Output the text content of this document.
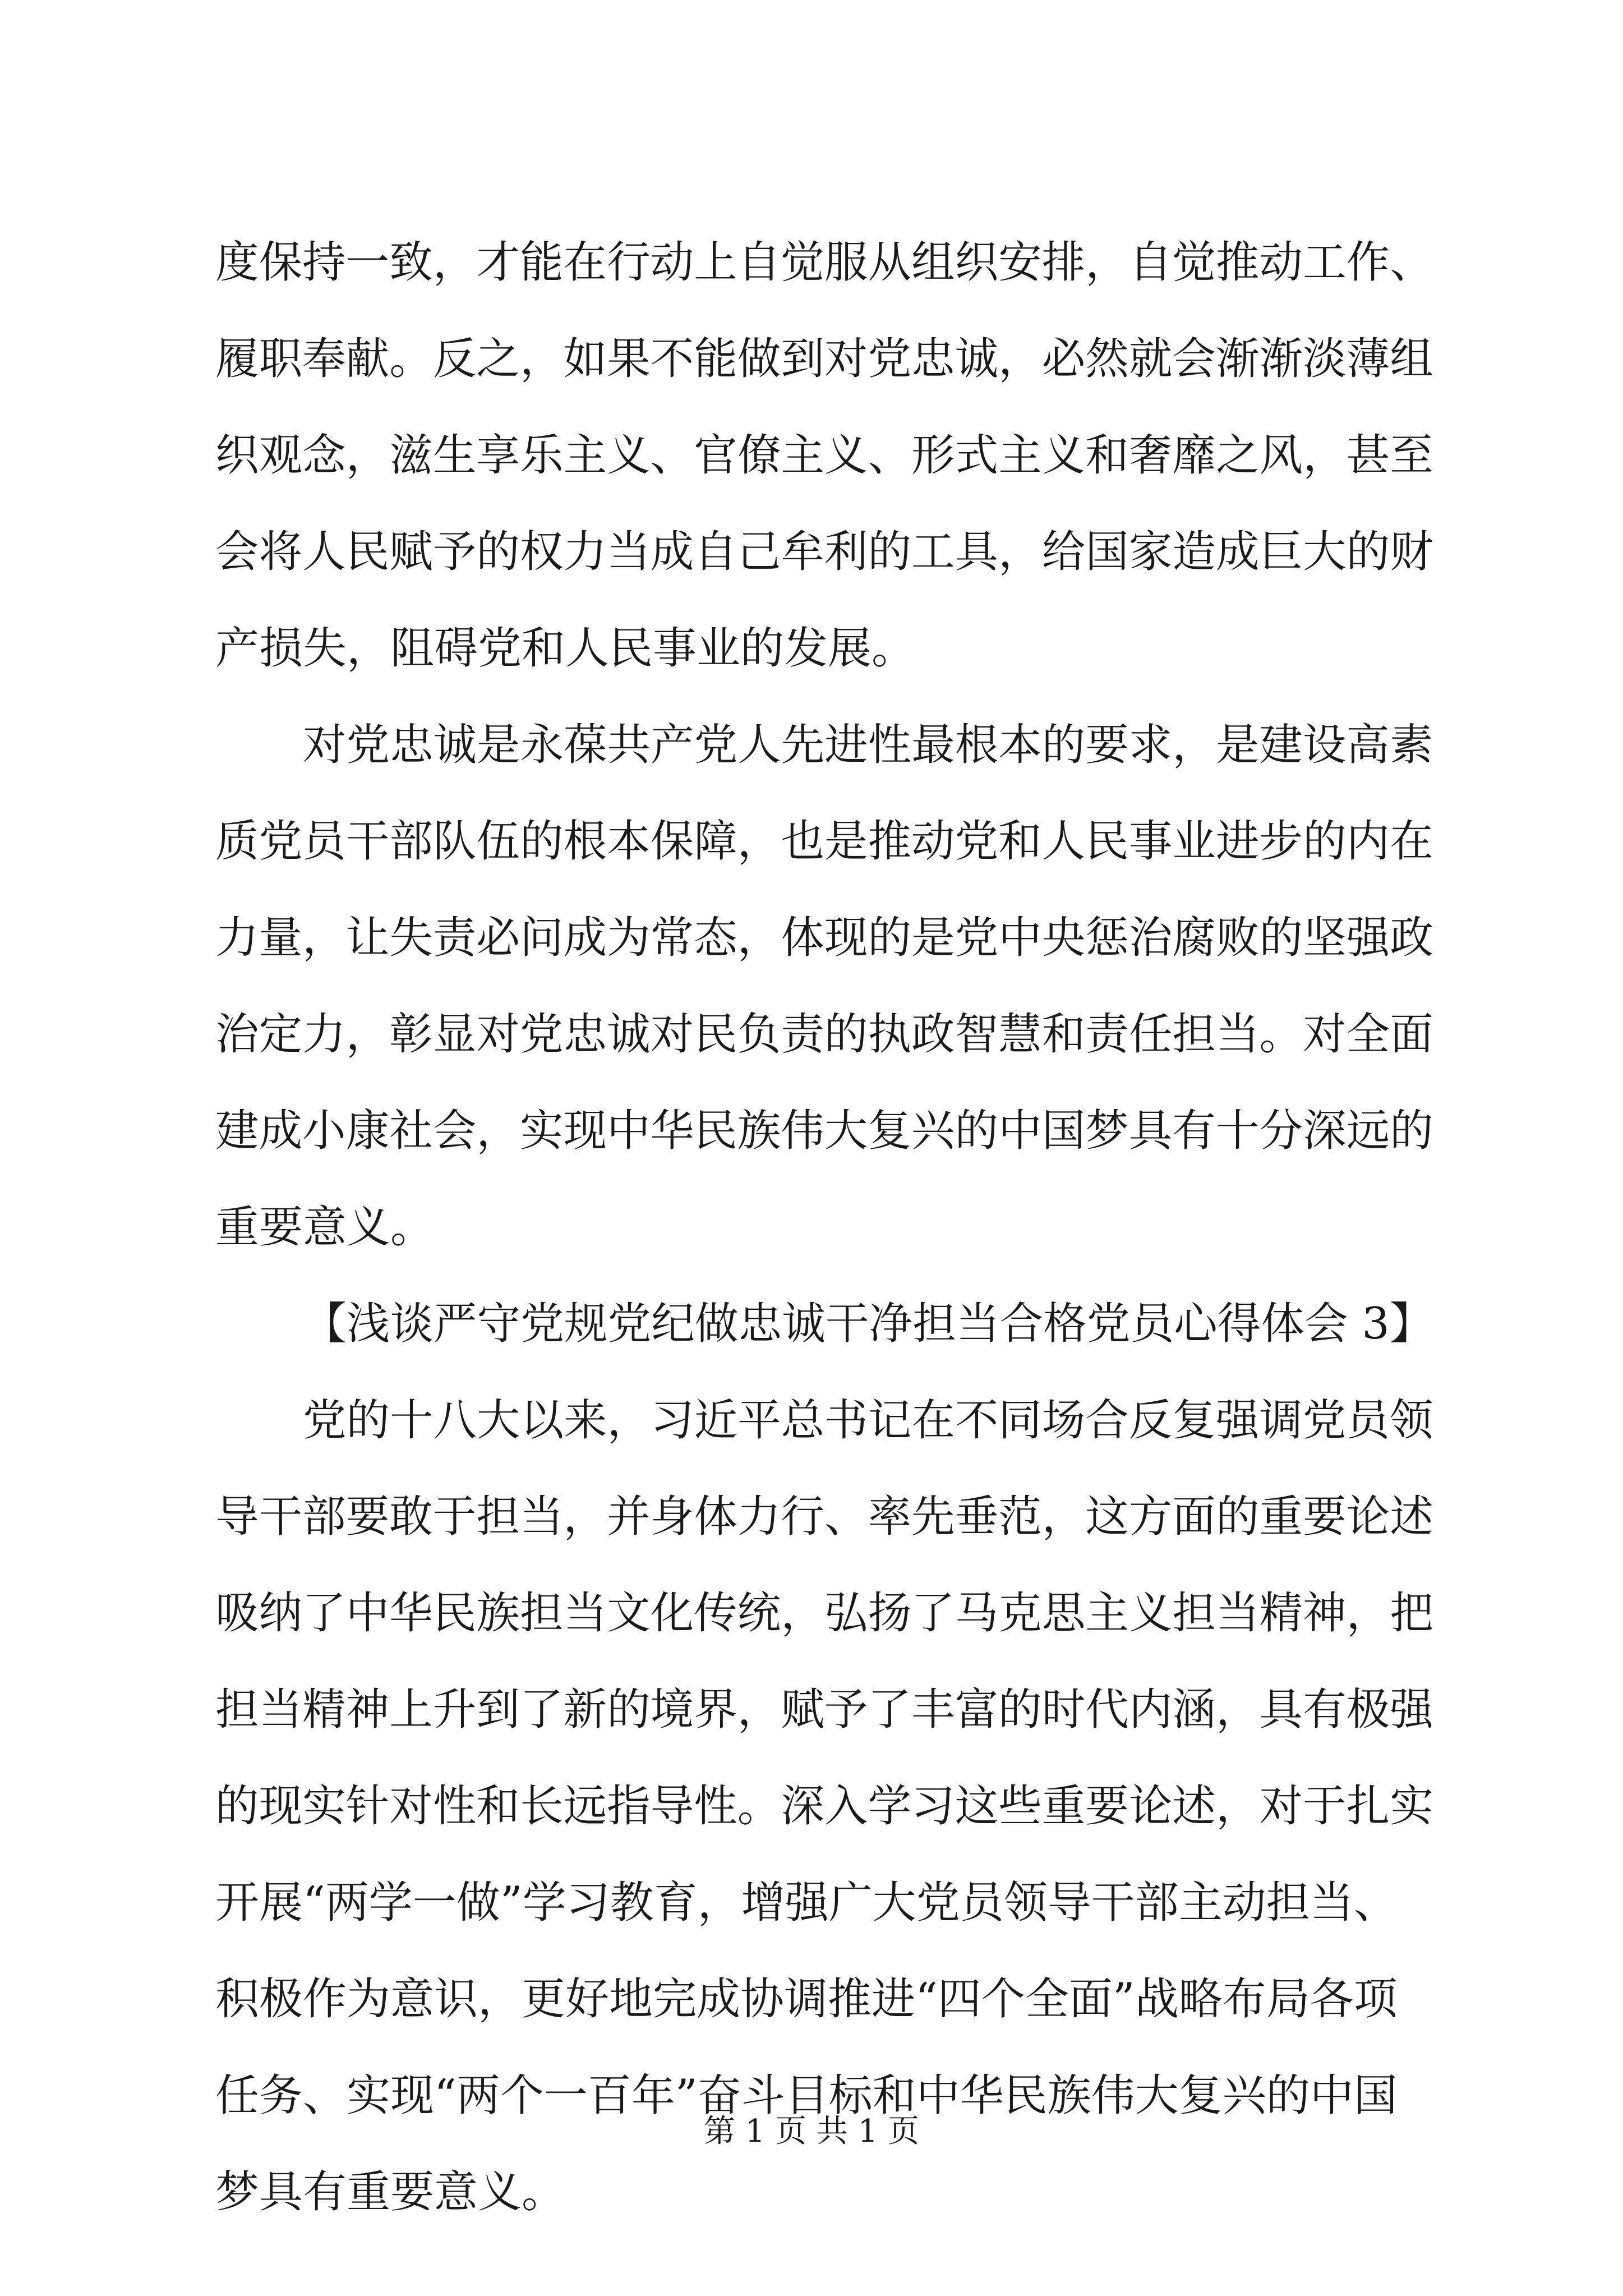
度保持一致，才能在行动上自觉服从组织安排，自觉推动工作、
履职奉献。反之，如果不能做到对党忠诚，必然就会渐渐淡薄组
织观念，滋生享乐主义、官僚主义、形式主义和奢靡之风，甚至
会将人民赋予的权力当成自己牟利的工具，给国家造成巨大的财
产损失，阻碍党和人民事业的发展。
对党忠诚是永葆共产党人先进性最根本的要求，是建设高素
质党员干部队伍的根本保障，也是推动党和人民事业进步的内在
力量，让失责必问成为常态，体现的是党中央惩治腐败的坚强政
治定力，彰显对党忠诚对民负责的执政智慧和责任担当。对全面
建成小康社会，实现中华民族伟大复兴的中国梦具有十分深远的
重要意义。
【浅谈严守党规党纪做忠诚干净担当合格党员心得体会 3】
党的十八大以来，习近平总书记在不同场合反复强调党员领
导干部要敢于担当，并身体力行、率先垂范，这方面的重要论述
吸纳了中华民族担当文化传统，弘扬了马克思主义担当精神，把
担当精神上升到了新的境界，赋予了丰富的时代内涵，具有极强
的现实针对性和长远指导性。深入学习这些重要论述，对于扎实
开展“两学一做”学习教育，增强广大党员领导干部主动担当、
积极作为意识，更好地完成协调推进“四个全面”战略布局各项
任务、实现“两个一百年”奋斗目标和中华民族伟大复兴的中国
梦具有重要意义。
第 1 页 共 1 页
